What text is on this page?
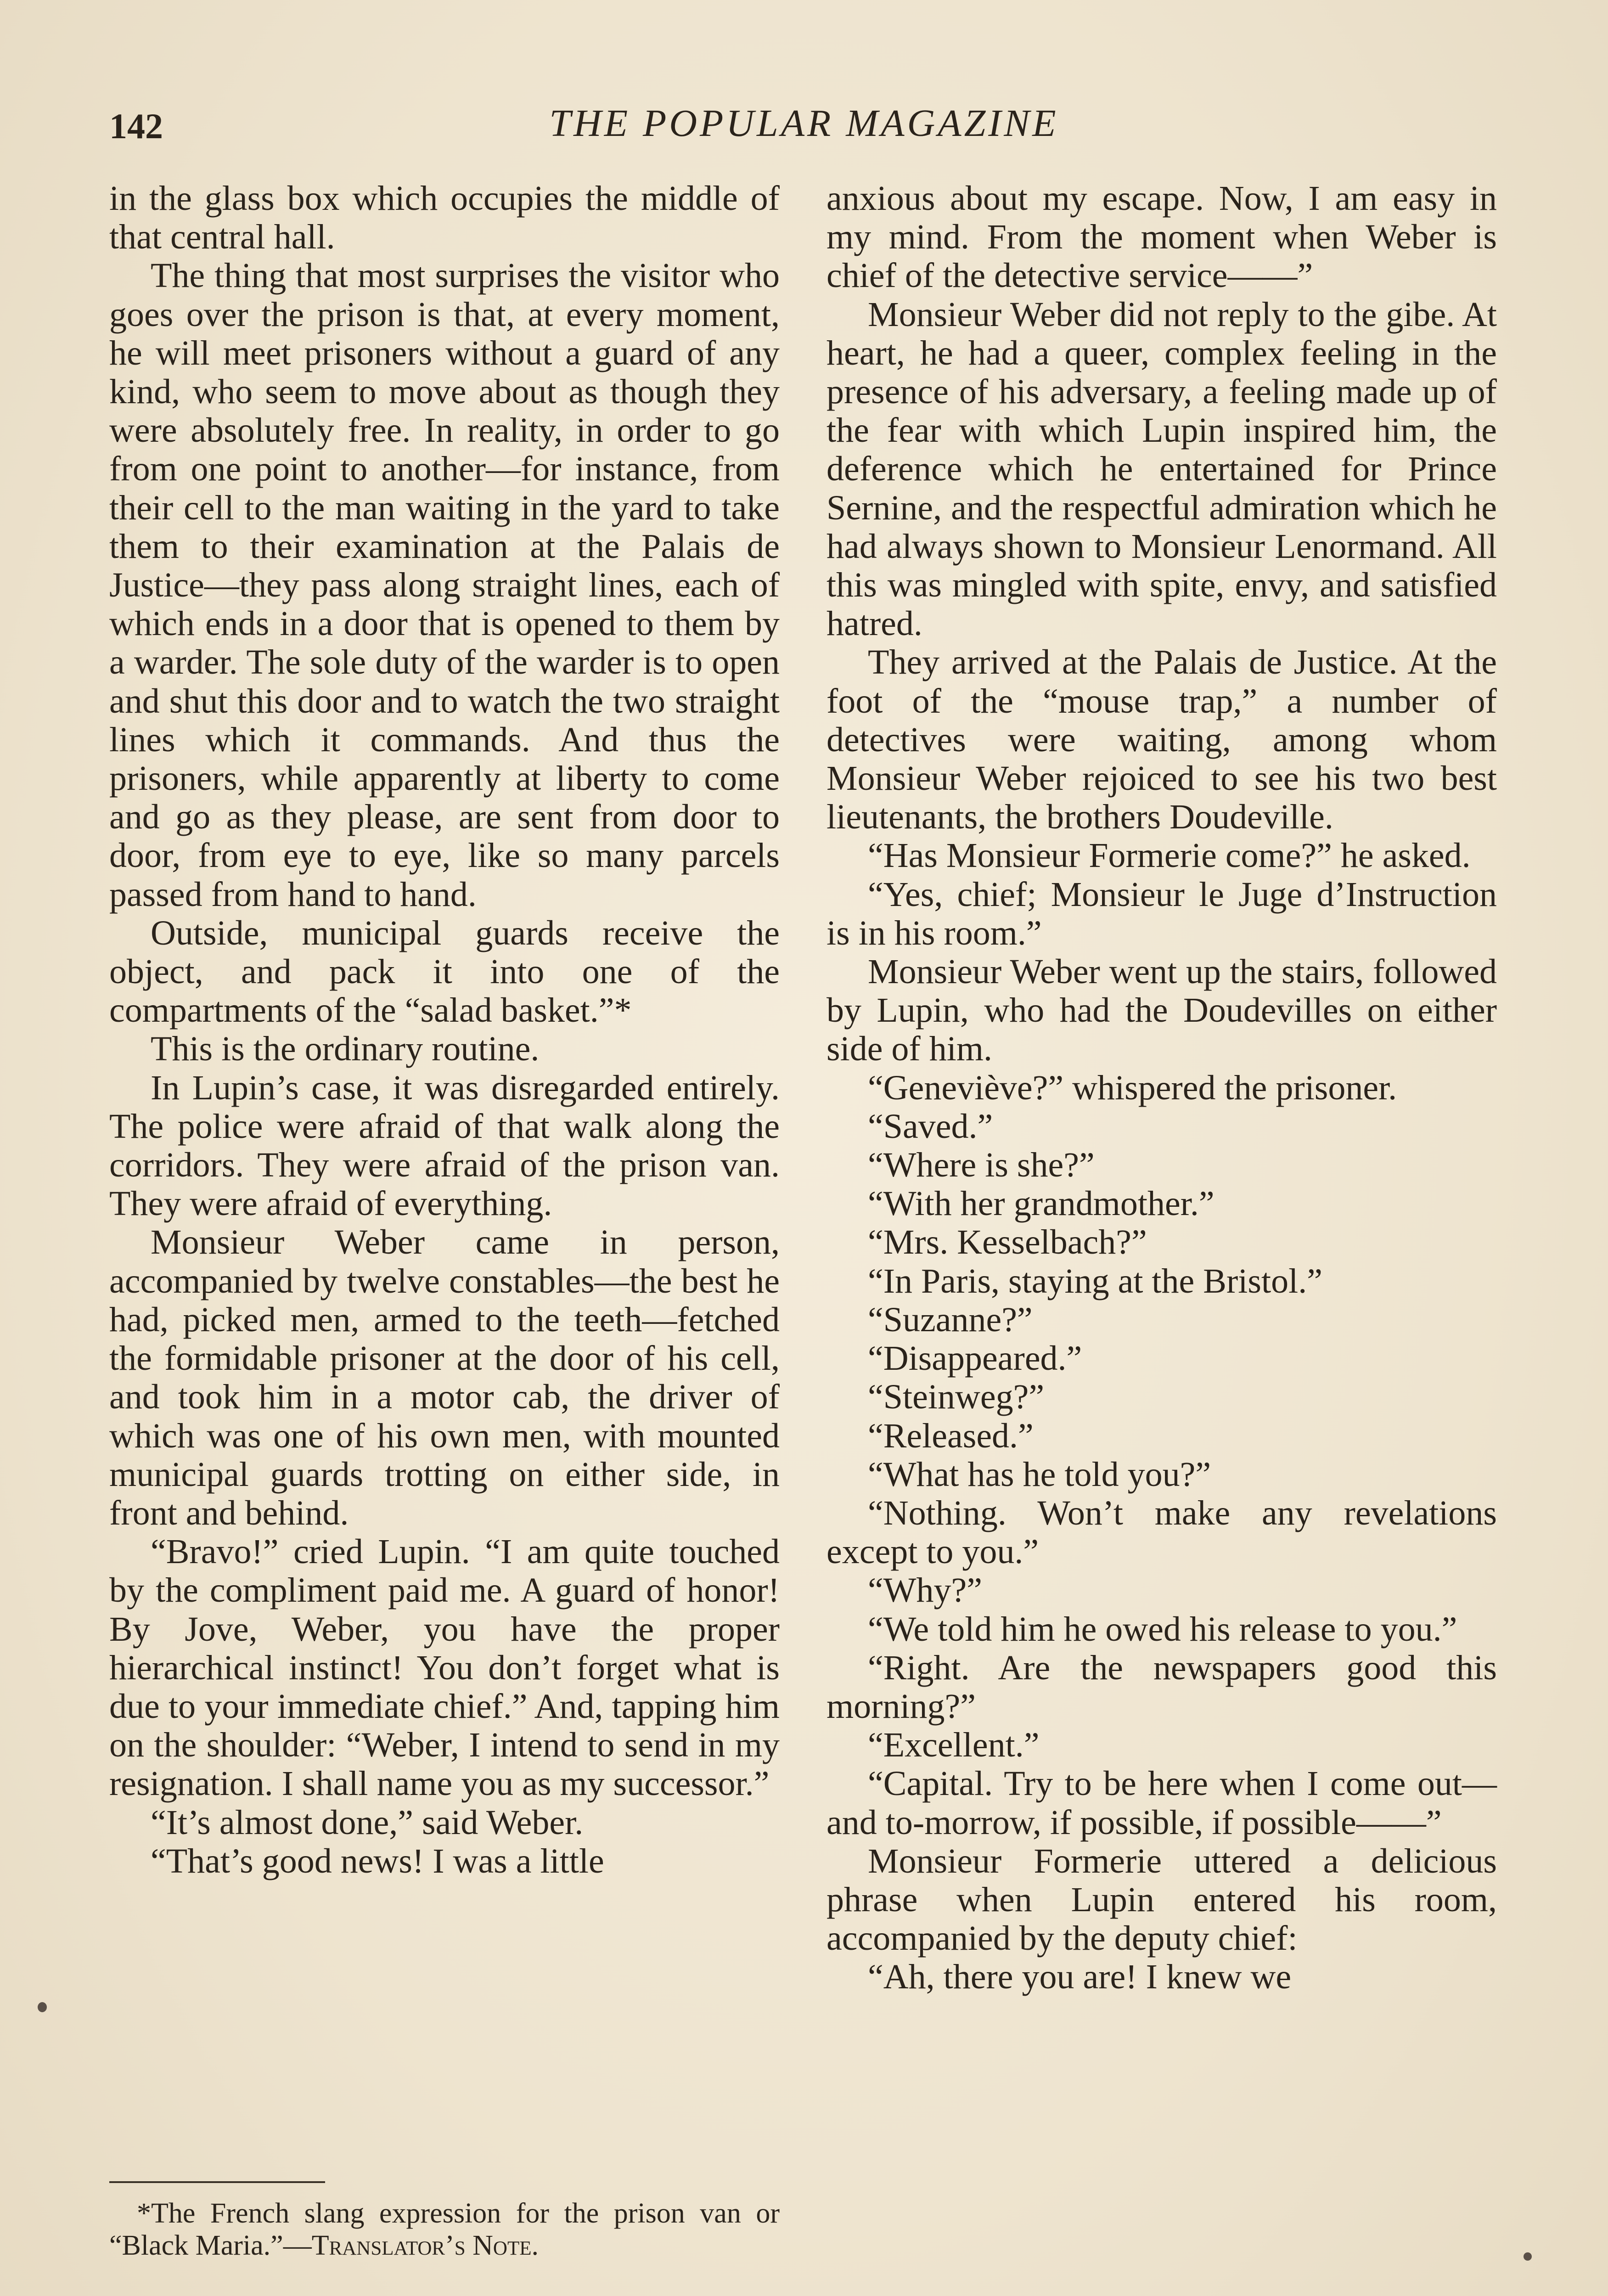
142	THE POPULAR MAGAZINE

in the glass box which occupies the middle of that central hall.

The thing that most surprises the visitor who goes over the prison is that, at every moment, he will meet prisoners without a guard of any kind, who seem to move about as though they were absolutely free. In reality, in order to go from one point to another—for instance, from their cell to the man waiting in the yard to take them to their examination at the Palais de Justice—they pass along straight lines, each of which ends in a door that is opened to them by a warder. The sole duty of the warder is to open and shut this door and to watch the two straight lines which it commands. And thus the prisoners, while apparently at liberty to come and go as they please, are sent from door to door, from eye to eye, like so many parcels passed from hand to hand.

Outside, municipal guards receive the object, and pack it into one of the compartments of the “salad basket.”*

This is the ordinary routine.

In Lupin’s case, it was disregarded entirely. The police were afraid of that walk along the corridors. They were afraid of the prison van. They were afraid of everything.

Monsieur Weber came in person, accompanied by twelve constables—the best he had, picked men, armed to the teeth—fetched the formidable prisoner at the door of his cell, and took him in a motor cab, the driver of which was one of his own men, with mounted municipal guards trotting on either side, in front and behind.

“Bravo!” cried Lupin. “I am quite touched by the compliment paid me. A guard of honor! By Jove, Weber, you have the proper hierarchical instinct! You don’t forget what is due to your immediate chief.” And, tapping him on the shoulder: “Weber, I intend to send in my resignation. I shall name you as my successor.”

“It’s almost done,” said Weber.

“That’s good news! I was a little

anxious about my escape. Now, I am easy in my mind. From the moment when Weber is chief of the detective service——”

Monsieur Weber did not reply to the gibe. At heart, he had a queer, complex feeling in the presence of his adversary, a feeling made up of the fear with which Lupin inspired him, the deference which he entertained for Prince Sernine, and the respectful admiration which he had always shown to Monsieur Lenormand. All this was mingled with spite, envy, and satisfied hatred.

They arrived at the Palais de Justice. At the foot of the “mouse trap,” a number of detectives were waiting, among whom Monsieur Weber rejoiced to see his two best lieutenants, the brothers Doudeville.

“Has Monsieur Formerie come?” he asked.

“Yes, chief; Monsieur le Juge d’Instruction is in his room.”

Monsieur Weber went up the stairs, followed by Lupin, who had the Doudevilles on either side of him.

“Geneviève?” whispered the prisoner.

“Saved.”

“Where is she?”

“With her grandmother.”

“Mrs. Kesselbach?”

“In Paris, staying at the Bristol.”

“Suzanne?”

“Disappeared.”

“Steinweg?”

“Released.”

“What has he told you?”

“Nothing. Won’t make any revelations except to you.”

“Why?”

“We told him he owed his release to you.”

“Right. Are the newspapers good this morning?”

“Excellent.”

“Capital. Try to be here when I come out—and to-morrow, if possible, if possible——”

Monsieur Formerie uttered a delicious phrase when Lupin entered his room, accompanied by the deputy chief:

“Ah, there you are! I knew we

*The French slang expression for the prison van or “Black Maria.”—Translator’s Note.
